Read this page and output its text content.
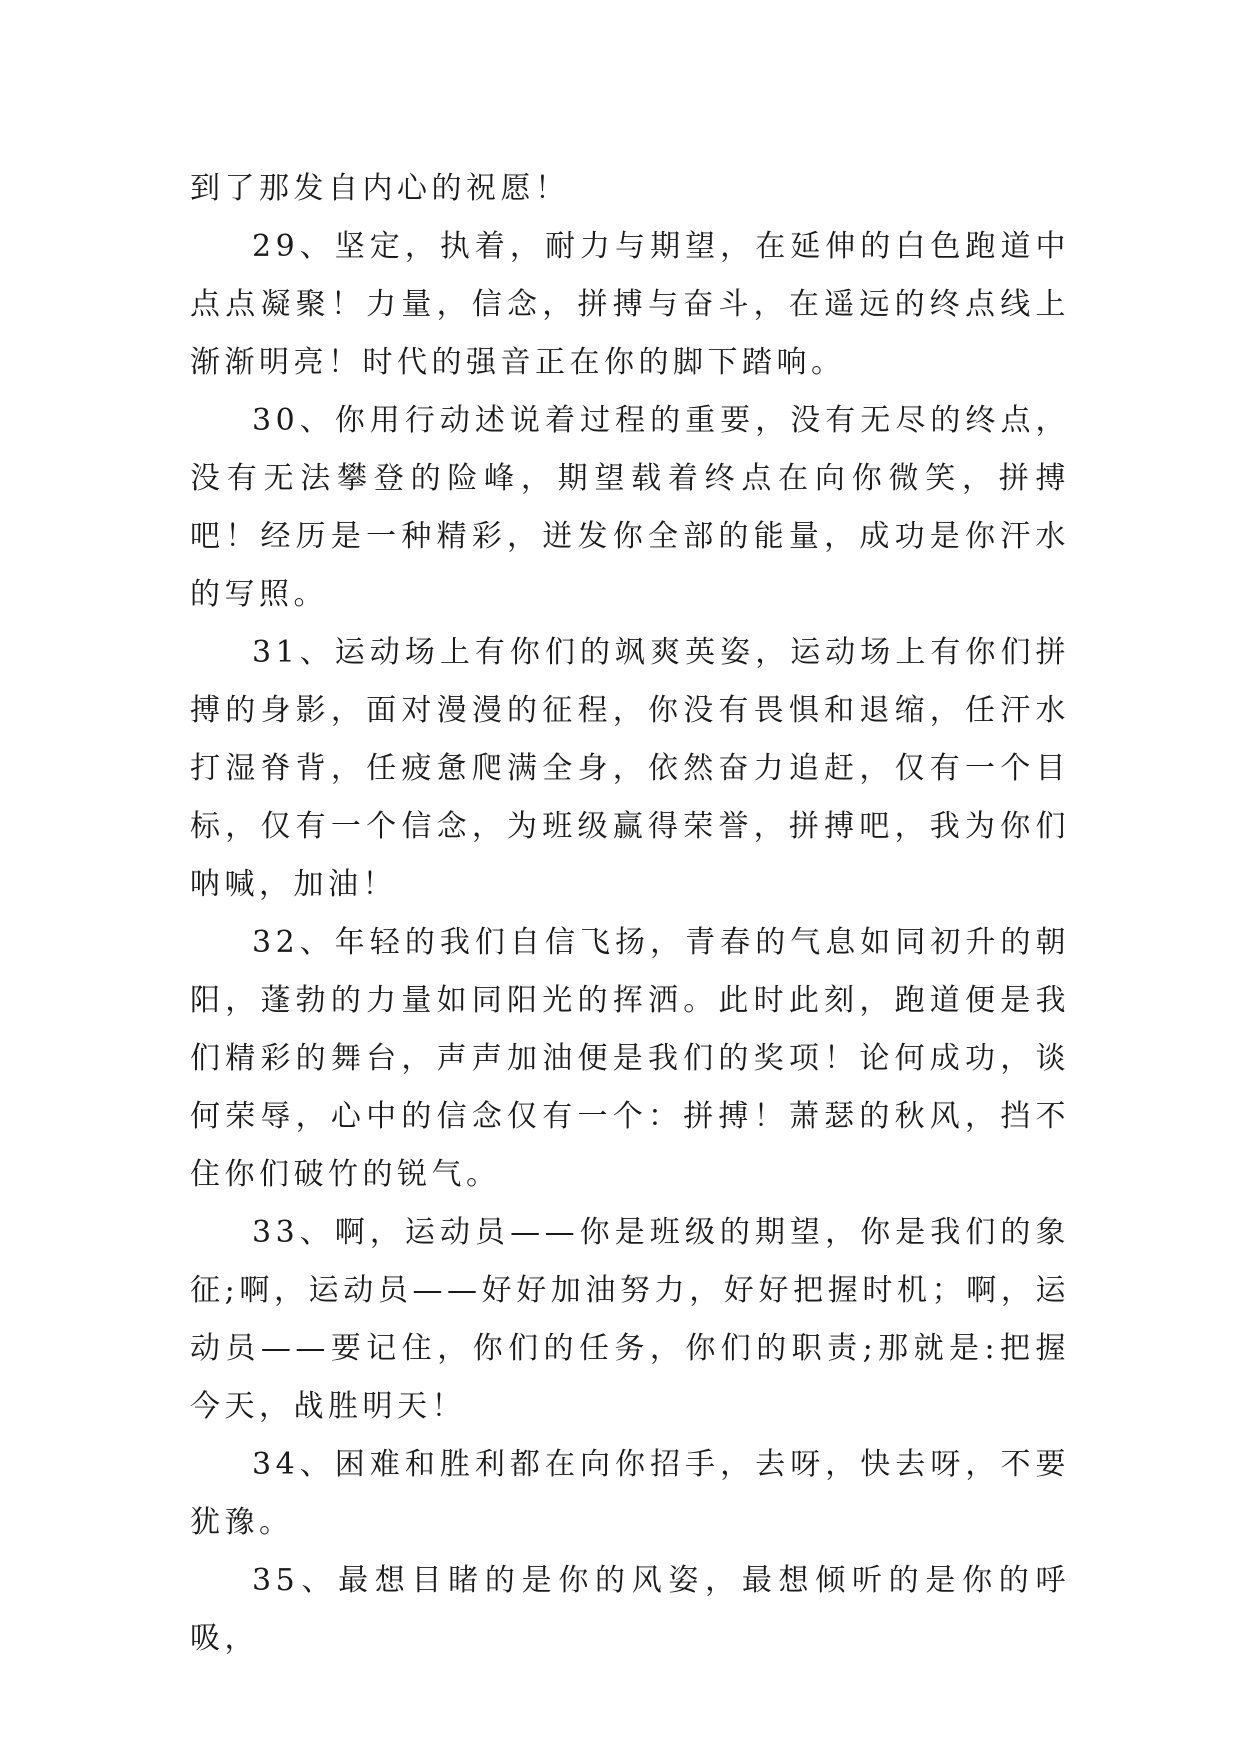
到了那发自内心的祝愿！

29、坚定，执着，耐力与期望，在延伸的白色跑道中点点凝聚！力量，信念，拼搏与奋斗，在遥远的终点线上渐渐明亮！时代的强音正在你的脚下踏响。

30、你用行动述说着过程的重要，没有无尽的终点，没有无法攀登的险峰，期望载着终点在向你微笑，拼搏吧！经历是一种精彩，迸发你全部的能量，成功是你汗水的写照。

31、运动场上有你们的飒爽英姿，运动场上有你们拼搏的身影，面对漫漫的征程，你没有畏惧和退缩，任汗水打湿脊背，任疲惫爬满全身，依然奋力追赶，仅有一个目标，仅有一个信念，为班级赢得荣誉，拼搏吧，我为你们呐喊，加油！

32、年轻的我们自信飞扬，青春的气息如同初升的朝阳，蓬勃的力量如同阳光的挥洒。此时此刻，跑道便是我们精彩的舞台，声声加油便是我们的奖项！论何成功，谈何荣辱，心中的信念仅有一个：拼搏！萧瑟的秋风，挡不住你们破竹的锐气。

33、啊，运动员——你是班级的期望，你是我们的象征;啊，运动员——好好加油努力，好好把握时机；啊，运动员——要记住，你们的任务，你们的职责;那就是:把握今天，战胜明天！

34、困难和胜利都在向你招手，去呀，快去呀，不要犹豫。

35、最想目睹的是你的风姿，最想倾听的是你的呼吸，
